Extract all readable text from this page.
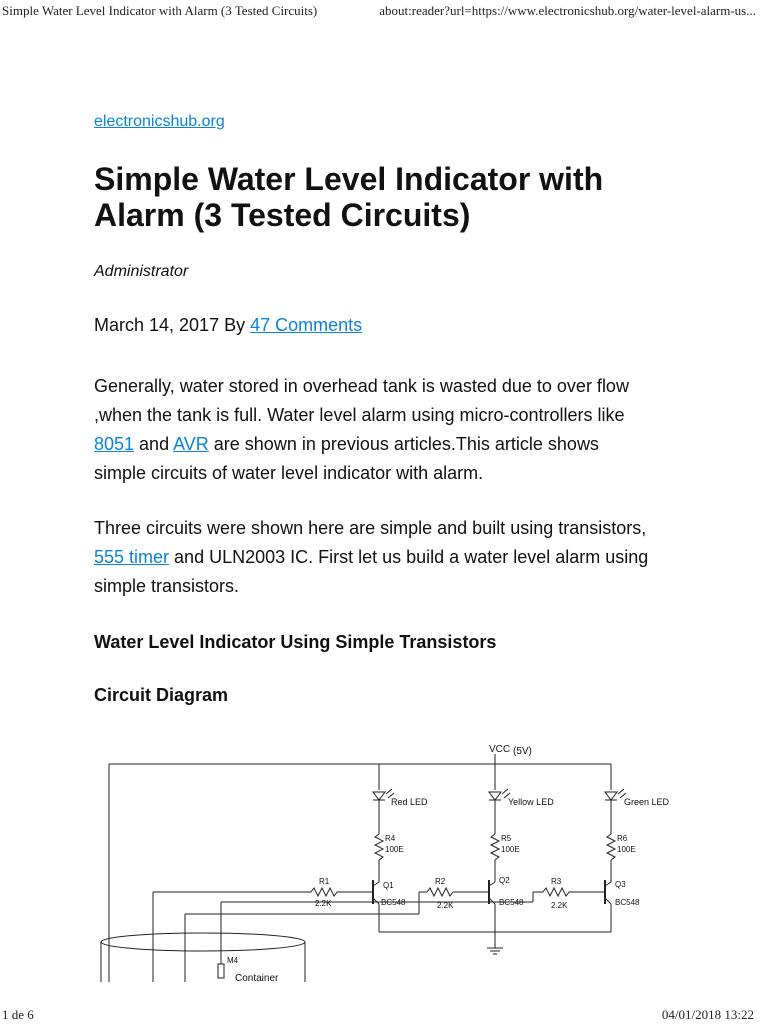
Simple Water Level Indicator with Alarm (3 Tested Circuits)	about:reader?url=https://www.electronicshub.org/water-level-alarm-us...
electronicshub.org
Simple Water Level Indicator with Alarm (3 Tested Circuits)
Administrator
March 14, 2017 By 47 Comments

Generally, water stored in overhead tank is wasted due to over flow ,when the tank is full. Water level alarm using micro-controllers like 8051 and AVR are shown in previous articles.This article shows simple circuits of water level indicator with alarm.

Three circuits were shown here are simple and built using transistors, 555 timer and ULN2003 IC. First let us build a water level alarm using simple transistors.

Water Level Indicator Using Simple Transistors
Circuit Diagram
VCC (5V)
Red LED	Yellow LED	Green LED
R4
100E
R5
100E
R6
100E
R1
2.2K
R2
2.2K
R3
2.2K
Q1
BC548
Q2
BC548
Q3
BC548
M4
Container
1 de 6	04/01/2018 13:22
